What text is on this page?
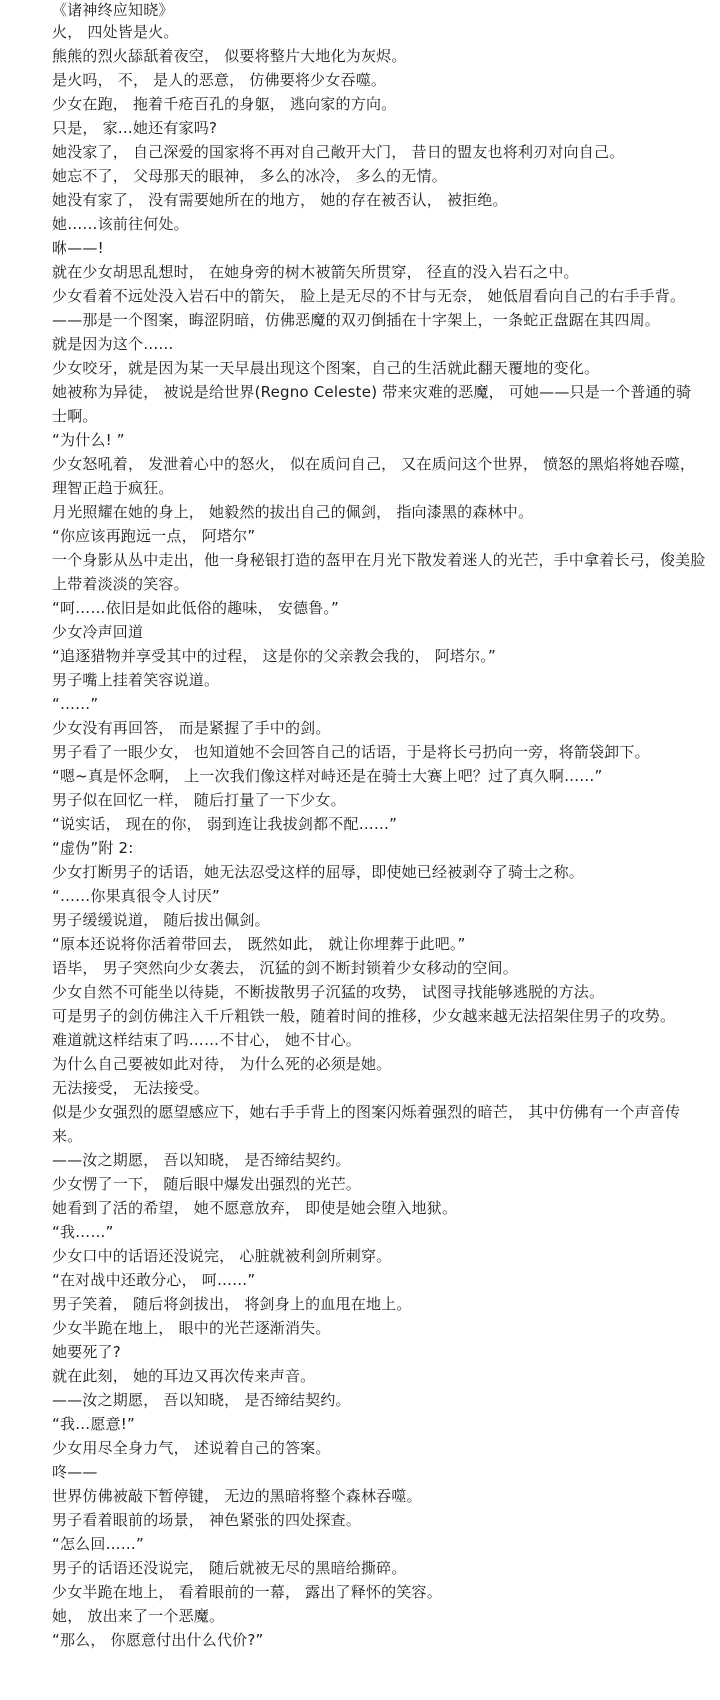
《诸神终应知晓》

火， 四处皆是火。

熊熊的烈火舔舐着夜空， 似要将整片大地化为灰烬。

是火吗， 不， 是人的恶意， 仿佛要将少女吞噬。

少女在跑， 拖着千疮百孔的身躯， 逃向家的方向。

只是， 家…她还有家吗?

她没家了， 自己深爱的国家将不再对自己敞开大门， 昔日的盟友也将利刃对向自己。

她忘不了， 父母那天的眼神， 多么的冰冷， 多么的无情。

她没有家了， 没有需要她所在的地方， 她的存在被否认， 被拒绝。

她……该前往何处。

咻——!

就在少女胡思乱想时， 在她身旁的树木被箭矢所贯穿， 径直的没入岩石之中。

少女看着不远处没入岩石中的箭矢， 脸上是无尽的不甘与无奈， 她低眉看向自己的右手手背。

——那是一个图案，晦涩阴暗，仿佛恶魔的双刃倒插在十字架上，一条蛇正盘踞在其四周。

就是因为这个……

少女咬牙，就是因为某一天早晨出现这个图案，自己的生活就此翻天覆地的变化。

她被称为异徒， 被说是给世界(Regno Celeste) 带来灾难的恶魔， 可她——只是一个普通的骑士啊。

“为什么! ”

少女怒吼着， 发泄着心中的怒火， 似在质问自己， 又在质问这个世界， 愤怒的黑焰将她吞噬， 理智正趋于疯狂。

月光照耀在她的身上， 她毅然的拔出自己的佩剑， 指向漆黑的森林中。

“你应该再跑远一点， 阿塔尔”

一个身影从丛中走出，他一身秘银打造的盔甲在月光下散发着迷人的光芒，手中拿着长弓，俊美脸上带着淡淡的笑容。

“呵……依旧是如此低俗的趣味， 安德鲁。”

少女冷声回道

“追逐猎物并享受其中的过程， 这是你的父亲教会我的， 阿塔尔。”

男子嘴上挂着笑容说道。

“……”

少女没有再回答， 而是紧握了手中的剑。

男子看了一眼少女， 也知道她不会回答自己的话语，于是将长弓扔向一旁，将箭袋卸下。

“嗯~真是怀念啊， 上一次我们像这样对峙还是在骑士大赛上吧？过了真久啊……”

男子似在回忆一样， 随后打量了一下少女。

“说实话， 现在的你， 弱到连让我拔剑都不配……”

“虚伪”附 2:

少女打断男子的话语，她无法忍受这样的屈辱，即使她已经被剥夺了骑士之称。

“……你果真很令人讨厌”

男子缓缓说道， 随后拔出佩剑。

“原本还说将你活着带回去， 既然如此， 就让你埋葬于此吧。”

语毕， 男子突然向少女袭去， 沉猛的剑不断封锁着少女移动的空间。

少女自然不可能坐以待毙，不断拔散男子沉猛的攻势， 试图寻找能够逃脱的方法。

可是男子的剑仿佛注入千斤粗铁一般，随着时间的推移，少女越来越无法招架住男子的攻势。

难道就这样结束了吗……不甘心， 她不甘心。

为什么自己要被如此对待， 为什么死的必须是她。

无法接受， 无法接受。

似是少女强烈的愿望感应下，她右手手背上的图案闪烁着强烈的暗芒， 其中仿佛有一个声音传来。

——汝之期愿， 吾以知晓， 是否缔结契约。

少女愣了一下， 随后眼中爆发出强烈的光芒。

她看到了活的希望， 她不愿意放弃， 即使是她会堕入地狱。

“我……”

少女口中的话语还没说完， 心脏就被利剑所刺穿。

“在对战中还敢分心， 呵……”

男子笑着， 随后将剑拔出， 将剑身上的血甩在地上。

少女半跪在地上， 眼中的光芒逐渐消失。

她要死了?

就在此刻， 她的耳边又再次传来声音。

——汝之期愿， 吾以知晓， 是否缔结契约。

“我…愿意!”

少女用尽全身力气， 述说着自己的答案。

咚——

世界仿佛被敲下暂停键， 无边的黑暗将整个森林吞噬。

男子看着眼前的场景， 神色紧张的四处探查。

“怎么回……”

男子的话语还没说完， 随后就被无尽的黑暗给撕碎。

少女半跪在地上， 看着眼前的一幕， 露出了释怀的笑容。

她， 放出来了一个恶魔。

“那么， 你愿意付出什么代价?”
